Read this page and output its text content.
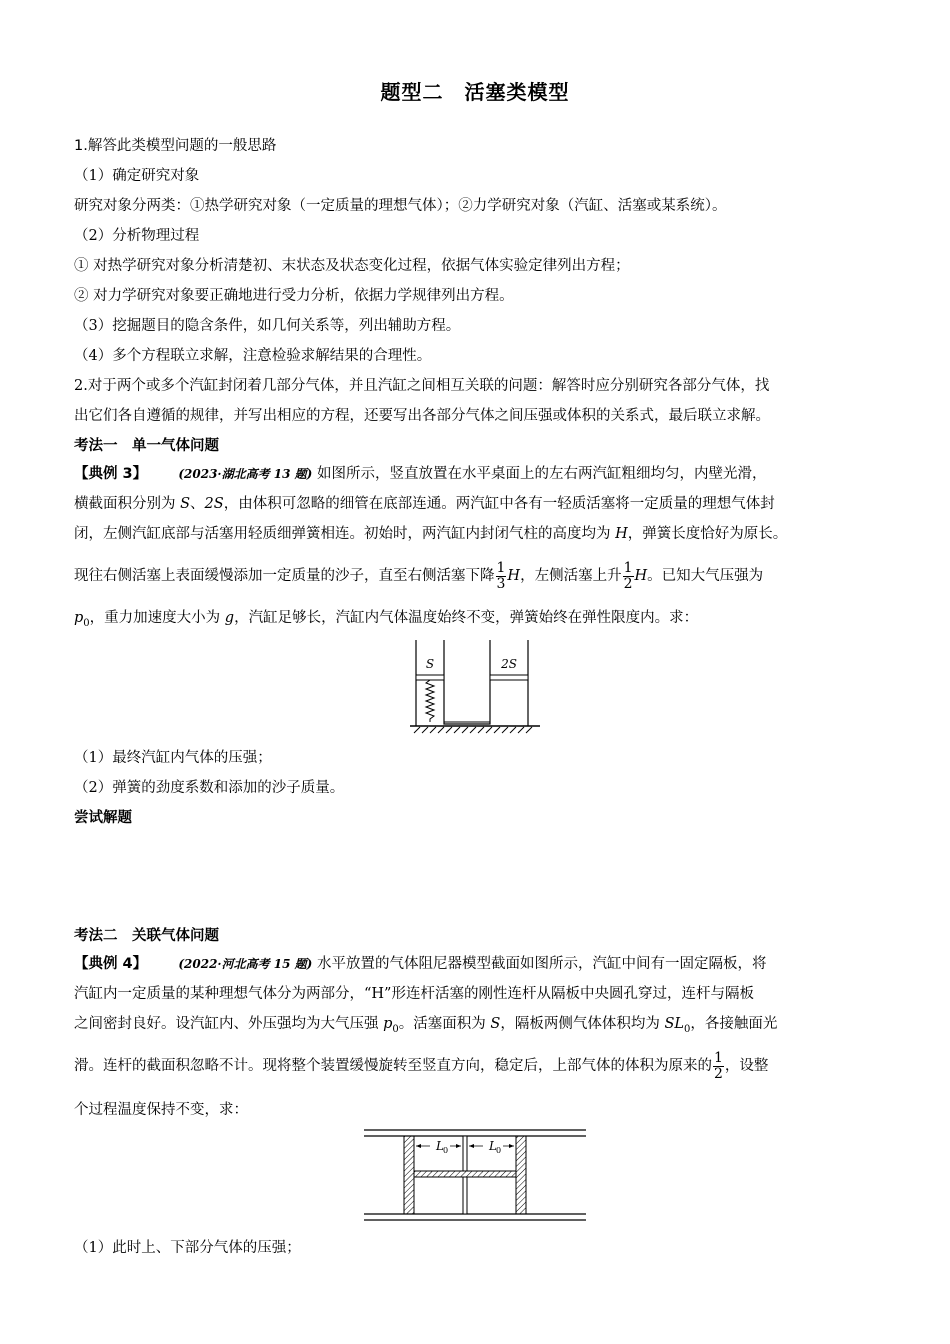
题型二　活塞类模型
1.解答此类模型问题的一般思路
（1）确定研究对象
研究对象分两类：①热学研究对象（一定质量的理想气体）；②力学研究对象（汽缸、活塞或某系统）。
（2）分析物理过程
① 对热学研究对象分析清楚初、末状态及状态变化过程，依据气体实验定律列出方程；
② 对力学研究对象要正确地进行受力分析，依据力学规律列出方程。
（3）挖掘题目的隐含条件，如几何关系等，列出辅助方程。
（4）多个方程联立求解，注意检验求解结果的合理性。
2.对于两个或多个汽缸封闭着几部分气体，并且汽缸之间相互关联的问题：解答时应分别研究各部分气体，找
出它们各自遵循的规律，并写出相应的方程，还要写出各部分气体之间压强或体积的关系式，最后联立求解。
考法一　单一气体问题
【典例 3】	(2023·湖北高考 13 题) 如图所示，竖直放置在水平桌面上的左右两汽缸粗细均匀，内壁光滑，
横截面积分别为 S、2S，由体积可忽略的细管在底部连通。两汽缸中各有一轻质活塞将一定质量的理想气体封
闭，左侧汽缸底部与活塞用轻质细弹簧相连。初始时，两汽缸内封闭气柱的高度均为 H，弹簧长度恰好为原长。
现往右侧活塞上表面缓慢添加一定质量的沙子，直至右侧活塞下降 $\frac{1}{3}$ H，左侧活塞上升 $\frac{1}{2}$ H。已知大气压强为
$p_0$，重力加速度大小为 g，汽缸足够长，汽缸内气体温度始终不变，弹簧始终在弹性限度内。求：
S	2S
（1）最终汽缸内气体的压强；
（2）弹簧的劲度系数和添加的沙子质量。
尝试解题
考法二　关联气体问题
【典例 4】	(2022·河北高考 15 题) 水平放置的气体阻尼器模型截面如图所示，汽缸中间有一固定隔板，将
汽缸内一定质量的某种理想气体分为两部分，“H”形连杆活塞的刚性连杆从隔板中央圆孔穿过，连杆与隔板
之间密封良好。设汽缸内、外压强均为大气压强 $p_0$。活塞面积为 S，隔板两侧气体体积均为 $SL_0$，各接触面光
滑。连杆的截面积忽略不计。现将整个装置缓慢旋转至竖直方向，稳定后，上部气体的体积为原来的 $\frac{1}{2}$ ，设整
个过程温度保持不变，求：
L 0	L 0
（1）此时上、下部分气体的压强；
